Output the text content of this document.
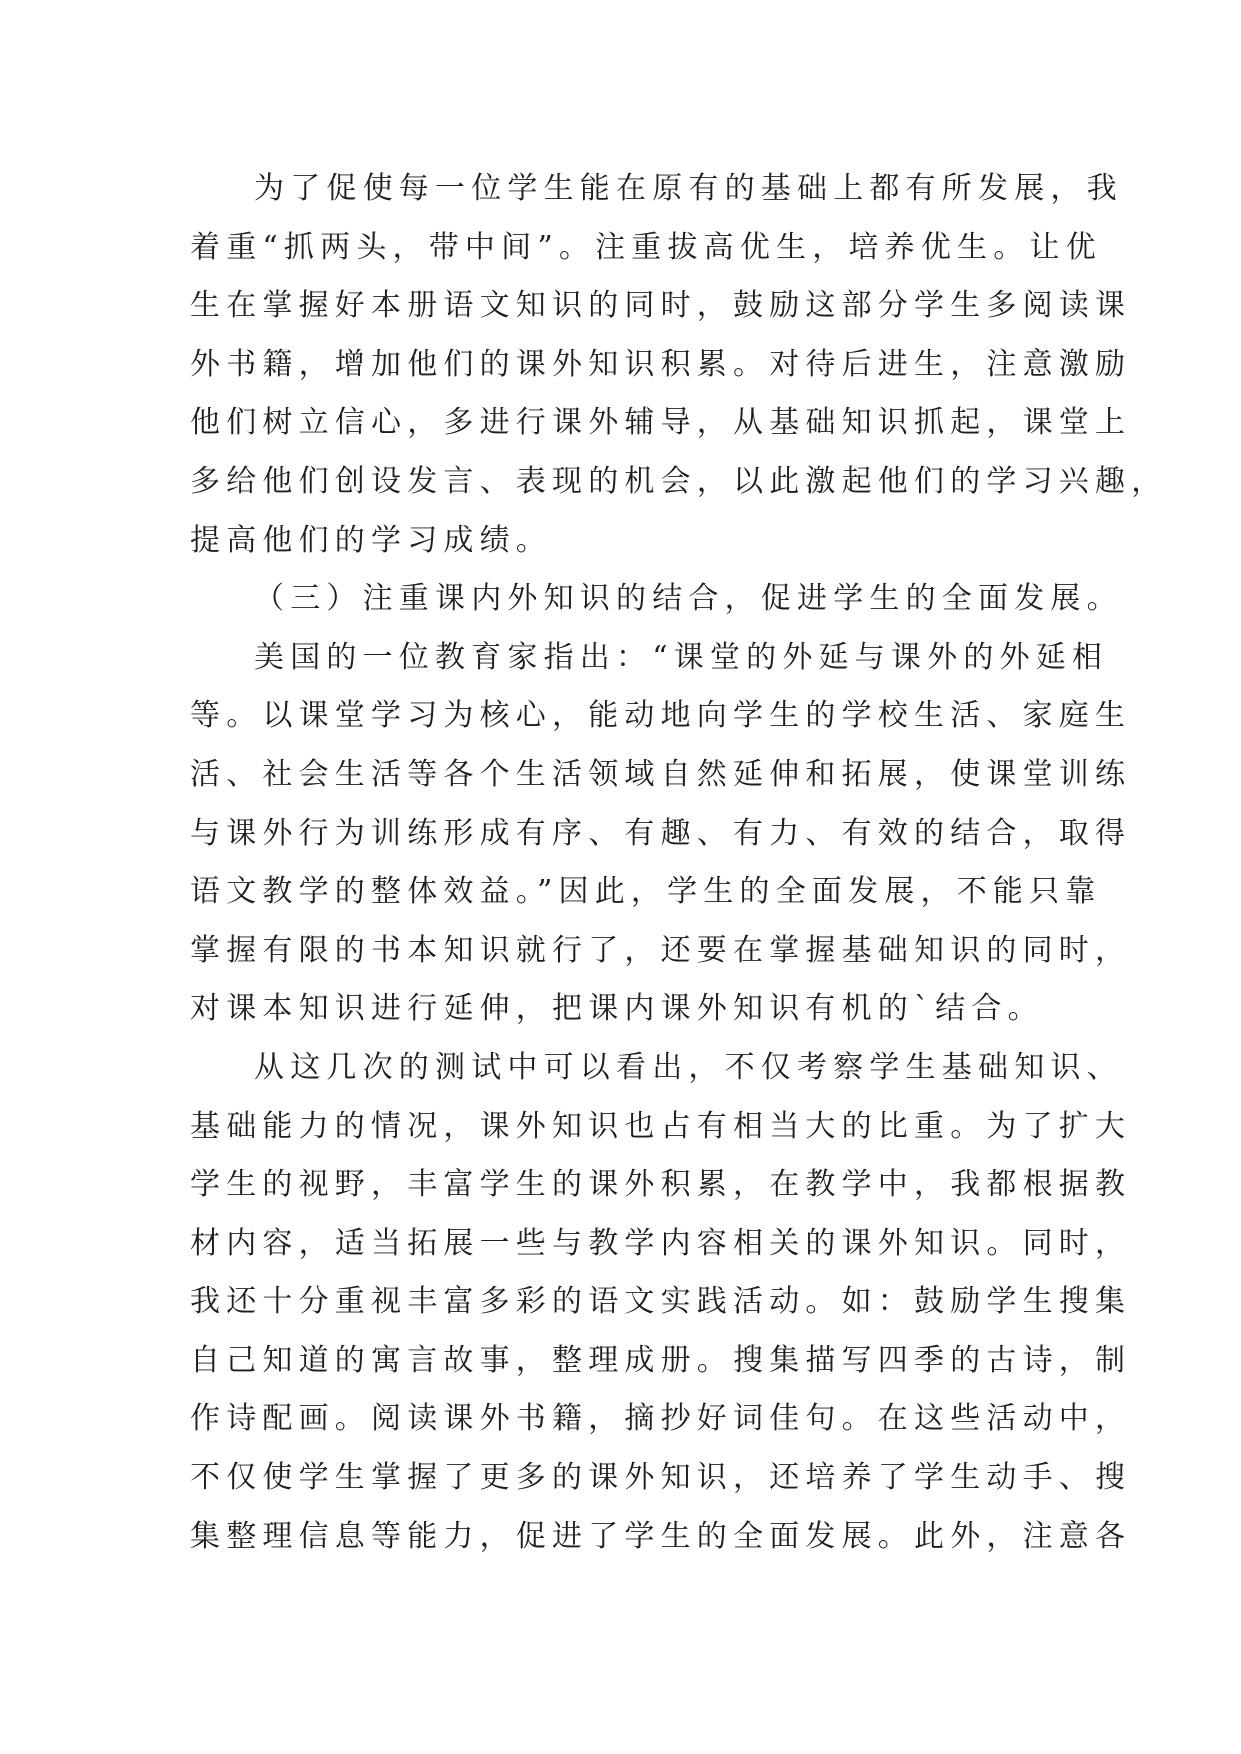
为了促使每一位学生能在原有的基础上都有所发展，我
着重“抓两头，带中间”。注重拔高优生，培养优生。让优
生在掌握好本册语文知识的同时，鼓励这部分学生多阅读课
外书籍，增加他们的课外知识积累。对待后进生，注意激励
他们树立信心，多进行课外辅导，从基础知识抓起，课堂上
多给他们创设发言、表现的机会，以此激起他们的学习兴趣，
提高他们的学习成绩。
（三）注重课内外知识的结合，促进学生的全面发展。
美国的一位教育家指出：“课堂的外延与课外的外延相
等。以课堂学习为核心，能动地向学生的学校生活、家庭生
活、社会生活等各个生活领域自然延伸和拓展，使课堂训练
与课外行为训练形成有序、有趣、有力、有效的结合，取得
语文教学的整体效益。”因此，学生的全面发展，不能只靠
掌握有限的书本知识就行了，还要在掌握基础知识的同时，
对课本知识进行延伸，把课内课外知识有机的`结合。
从这几次的测试中可以看出，不仅考察学生基础知识、
基础能力的情况，课外知识也占有相当大的比重。为了扩大
学生的视野，丰富学生的课外积累，在教学中，我都根据教
材内容，适当拓展一些与教学内容相关的课外知识。同时，
我还十分重视丰富多彩的语文实践活动。如：鼓励学生搜集
自己知道的寓言故事，整理成册。搜集描写四季的古诗，制
作诗配画。阅读课外书籍，摘抄好词佳句。在这些活动中，
不仅使学生掌握了更多的课外知识，还培养了学生动手、搜
集整理信息等能力，促进了学生的全面发展。此外，注意各
